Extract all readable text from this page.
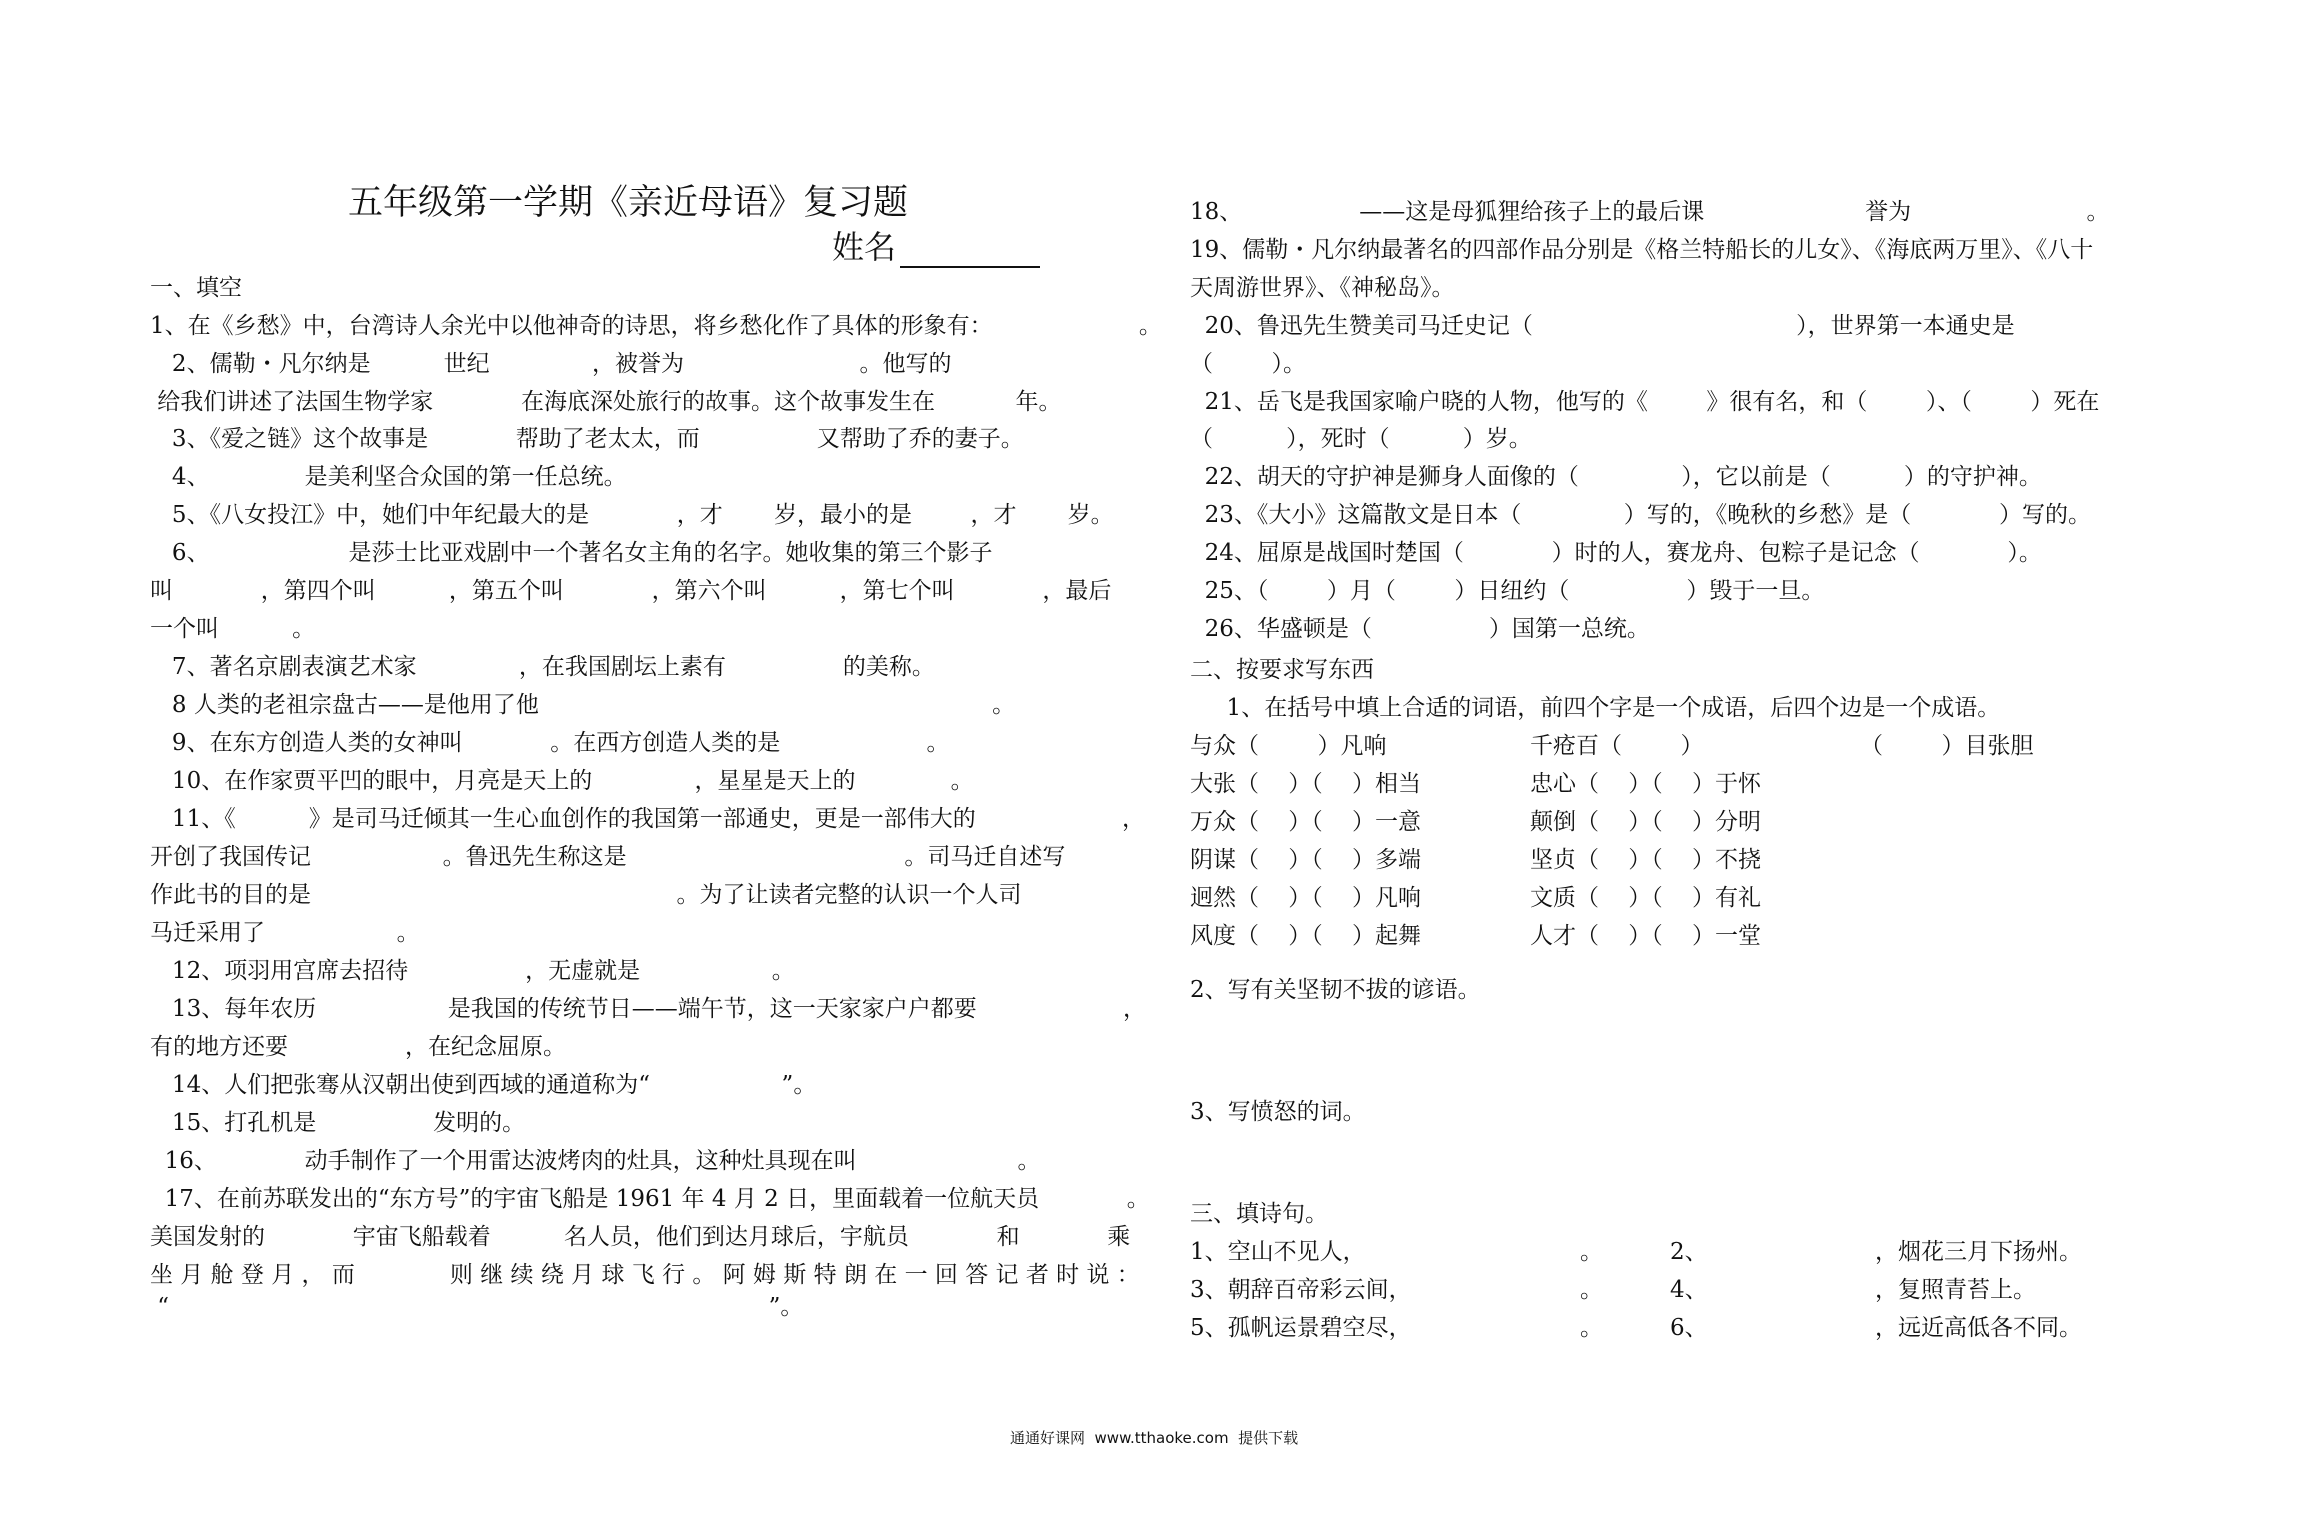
五年级第一学期《亲近母语》复习题
姓名
一、填空
1、在《乡愁》中，台湾诗人余光中以他神奇的诗思，将乡愁化作了具体的形象有：                    。
2、儒勒・凡尔纳是          世纪              ，被誉为                        。他写的
给我们讲述了法国生物学家            在海底深处旅行的故事。这个故事发生在           年。
3、《爱之链》这个故事是            帮助了老太太，而                又帮助了乔的妻子。
4、             是美利坚合众国的第一任总统。
5、《八女投江》中，她们中年纪最大的是            ，才       岁，最小的是        ，才       岁。
6、                   是莎士比亚戏剧中一个著名女主角的名字。她收集的第三个影子
叫            ，第四个叫          ，第五个叫            ，第六个叫          ，第七个叫            ，最后
一个叫          。
7、著名京剧表演艺术家              ，在我国剧坛上素有                的美称。
8 人类的老祖宗盘古——是他用了他                                                              。
9、在东方创造人类的女神叫            。在西方创造人类的是                    。
10、在作家贾平凹的眼中，月亮是天上的              ，星星是天上的             。
11、《          》是司马迁倾其一生心血创作的我国第一部通史，更是一部伟大的                    ，
开创了我国传记                  。鲁迅先生称这是                                      。司马迁自述写
作此书的目的是                                                  。为了让读者完整的认识一个人司
马迁采用了                  。
12、项羽用宫席去招待                ，无虚就是                  。
13、每年农历                  是我国的传统节日——端午节，这一天家家户户都要                    ，
有的地方还要                ，在纪念屈原。
14、人们把张骞从汉朝出使到西域的通道称为“                  ”。
15、打孔机是                发明的。
16、            动手制作了一个用雷达波烤肉的灶具，这种灶具现在叫                      。
17、在前苏联发出的“东方号”的宇宙飞船是 1961 年 4 月 2 日，里面载着一位航天员            。
美国发射的            宇宙飞船载着          名人员，他们到达月球后，宇航员            和            乘
坐 月 舱 登 月 ， 而             则 继 续 绕 月 球 飞 行 。 阿 姆 斯 特 朗 在 一 回 答 记 者 时 说 ：
“                                                                                  ”。
18、                ——这是母狐狸给孩子上的最后课                      誉为                        。
19、儒勒・凡尔纳最著名的四部作品分别是《格兰特船长的儿女》、《海底两万里》、《八十
天周游世界》、《神秘岛》。
20、鲁迅先生赞美司马迁史记（                                    ），世界第一本通史是
（        ）。
21、岳飞是我国家喻户晓的人物，他写的《        》很有名，和（        ）、（        ）死在
（          ），死时（          ）岁。
22、胡天的守护神是狮身人面像的（              ），它以前是（          ）的守护神。
23、《大小》这篇散文是日本（              ）写的，《晚秋的乡愁》是（            ）写的。
24、屈原是战国时楚国（            ）时的人，赛龙舟、包粽子是记念（            ）。
25、（        ）月（        ）日纽约（                ）毁于一旦。
26、华盛顿是（                ）国第一总统。
二、按要求写东西
1、在括号中填上合适的词语，前四个字是一个成语，后四个边是一个成语。
与众（        ）凡响	千疮百（        ）	（        ）目张胆
大张（    ）（    ）相当	忠心（    ）（    ）于怀
万众（    ）（    ）一意	颠倒（    ）（    ）分明
阴谋（    ）（    ）多端	坚贞（    ）（    ）不挠
迥然（    ）（    ）凡响	文质（    ）（    ）有礼
风度（    ）（    ）起舞	人才（    ）（    ）一堂
2、写有关坚韧不拔的谚语。
3、写愤怒的词。
三、填诗句。
1、空山不见人，	。	2、	，烟花三月下扬州。
3、朝辞百帝彩云间，	。	4、	，复照青苔上。
5、孤帆运景碧空尽，	。	6、	，远近高低各不同。
通通好课网  www.tthaoke.com  提供下载
